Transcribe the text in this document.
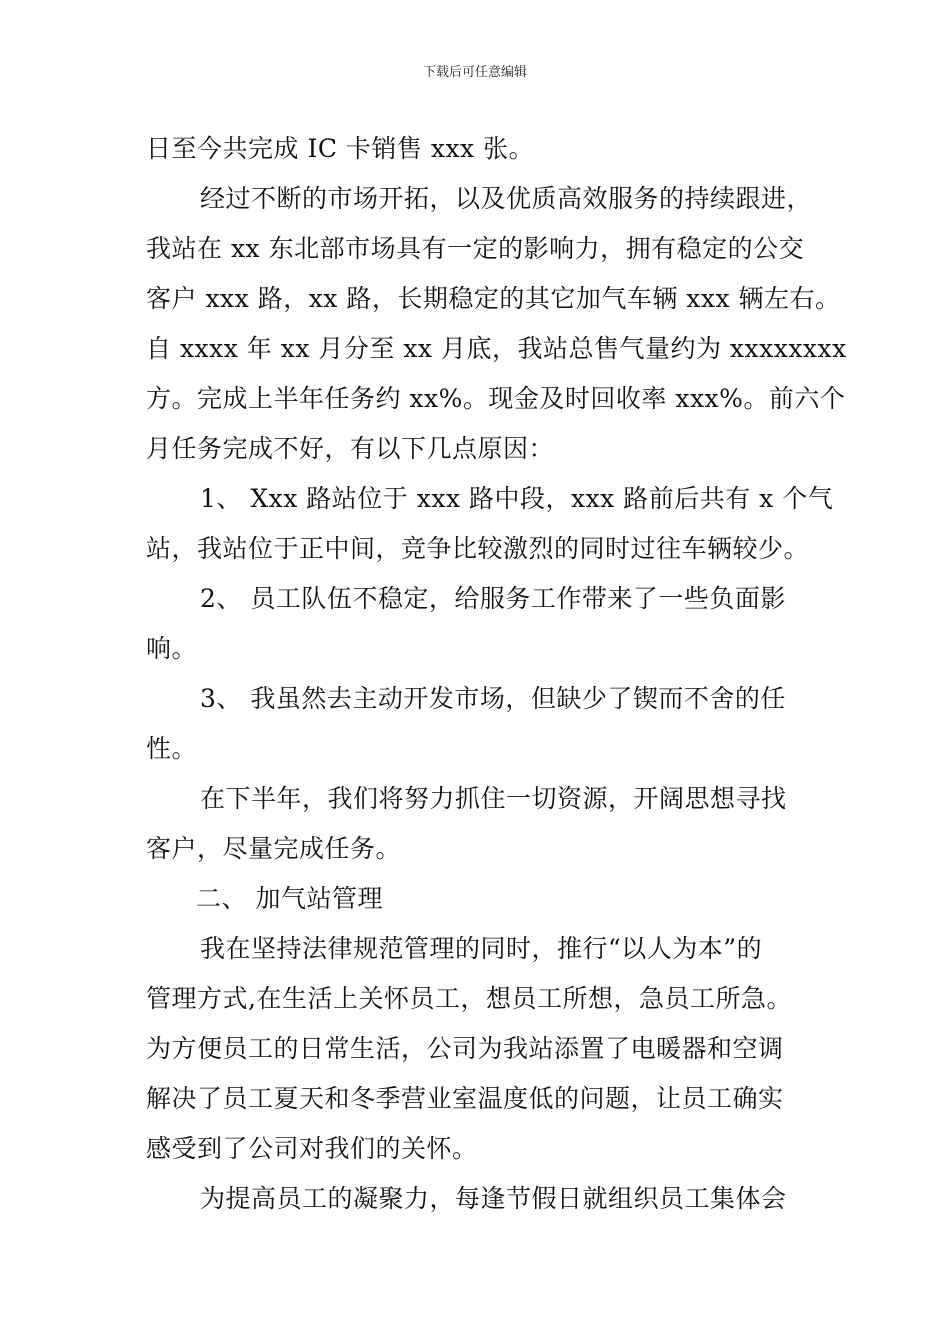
下载后可任意编辑
日至今共完成 IC 卡销售 xxx 张。
经过不断的市场开拓，以及优质高效服务的持续跟进，
我站在 xx 东北部市场具有一定的影响力，拥有稳定的公交
客户 xxx 路，xx 路，长期稳定的其它加气车辆 xxx 辆左右。
自 xxxx 年 xx 月分至 xx 月底，我站总售气量约为 xxxxxxxx
方。完成上半年任务约 xx%。现金及时回收率 xxx%。前六个
月任务完成不好，有以下几点原因：
1、 Xxx 路站位于 xxx 路中段，xxx 路前后共有 x 个气
站，我站位于正中间，竞争比较激烈的同时过往车辆较少。
2、 员工队伍不稳定，给服务工作带来了一些负面影
响。
3、 我虽然去主动开发市场，但缺少了锲而不舍的任
性。
在下半年，我们将努力抓住一切资源，开阔思想寻找
客户，尽量完成任务。
二、 加气站管理
我在坚持法律规范管理的同时，推行“以人为本”的
管理方式,在生活上关怀员工，想员工所想，急员工所急。
为方便员工的日常生活，公司为我站添置了电暖器和空调
解决了员工夏天和冬季营业室温度低的问题，让员工确实
感受到了公司对我们的关怀。
为提高员工的凝聚力，每逢节假日就组织员工集体会
